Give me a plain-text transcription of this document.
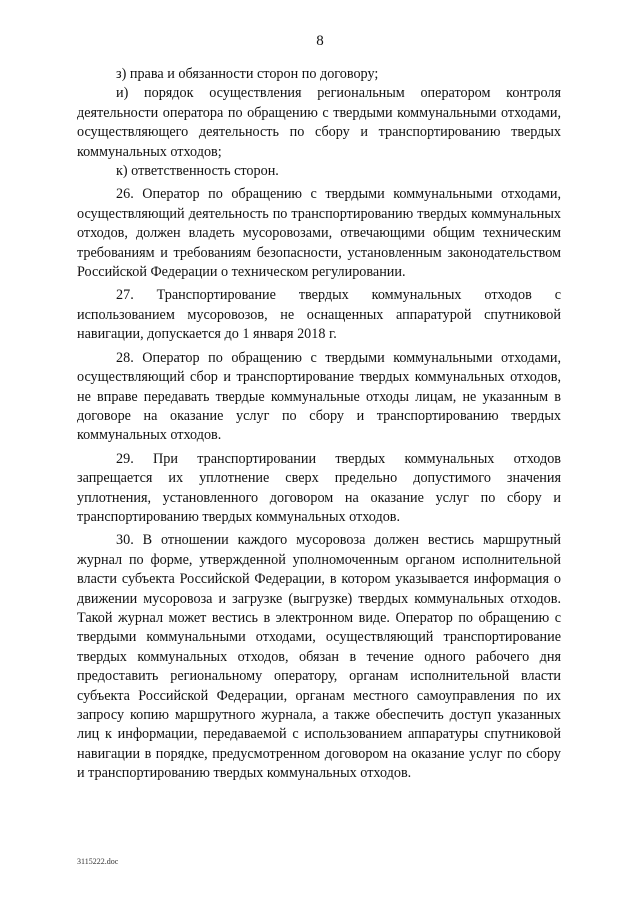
8

з) права и обязанности сторон по договору;

и) порядок осуществления региональным оператором контроля деятельности оператора по обращению с твердыми коммунальными отходами, осуществляющего деятельность по сбору и транспортированию твердых коммунальных отходов;

к) ответственность сторон.

26. Оператор по обращению с твердыми коммунальными отходами, осуществляющий деятельность по транспортированию твердых коммунальных отходов, должен владеть мусоровозами, отвечающими общим техническим требованиям и требованиям безопасности, установленным законодательством Российской Федерации о техническом регулировании.

27. Транспортирование твердых коммунальных отходов с использованием мусоровозов, не оснащенных аппаратурой спутниковой навигации, допускается до 1 января 2018 г.

28. Оператор по обращению с твердыми коммунальными отходами, осуществляющий сбор и транспортирование твердых коммунальных отходов, не вправе передавать твердые коммунальные отходы лицам, не указанным в договоре на оказание услуг по сбору и транспортированию твердых коммунальных отходов.

29. При транспортировании твердых коммунальных отходов запрещается их уплотнение сверх предельно допустимого значения уплотнения, установленного договором на оказание услуг по сбору и транспортированию твердых коммунальных отходов.

30. В отношении каждого мусоровоза должен вестись маршрутный журнал по форме, утвержденной уполномоченным органом исполнительной власти субъекта Российской Федерации, в котором указывается информация о движении мусоровоза и загрузке (выгрузке) твердых коммунальных отходов. Такой журнал может вестись в электронном виде. Оператор по обращению с твердыми коммунальными отходами, осуществляющий транспортирование твердых коммунальных отходов, обязан в течение одного рабочего дня предоставить региональному оператору, органам исполнительной власти субъекта Российской Федерации, органам местного самоуправления по их запросу копию маршрутного журнала, а также обеспечить доступ указанных лиц к информации, передаваемой с использованием аппаратуры спутниковой навигации в порядке, предусмотренном договором на оказание услуг по сбору и транспортированию твердых коммунальных отходов.

3115222.doc
